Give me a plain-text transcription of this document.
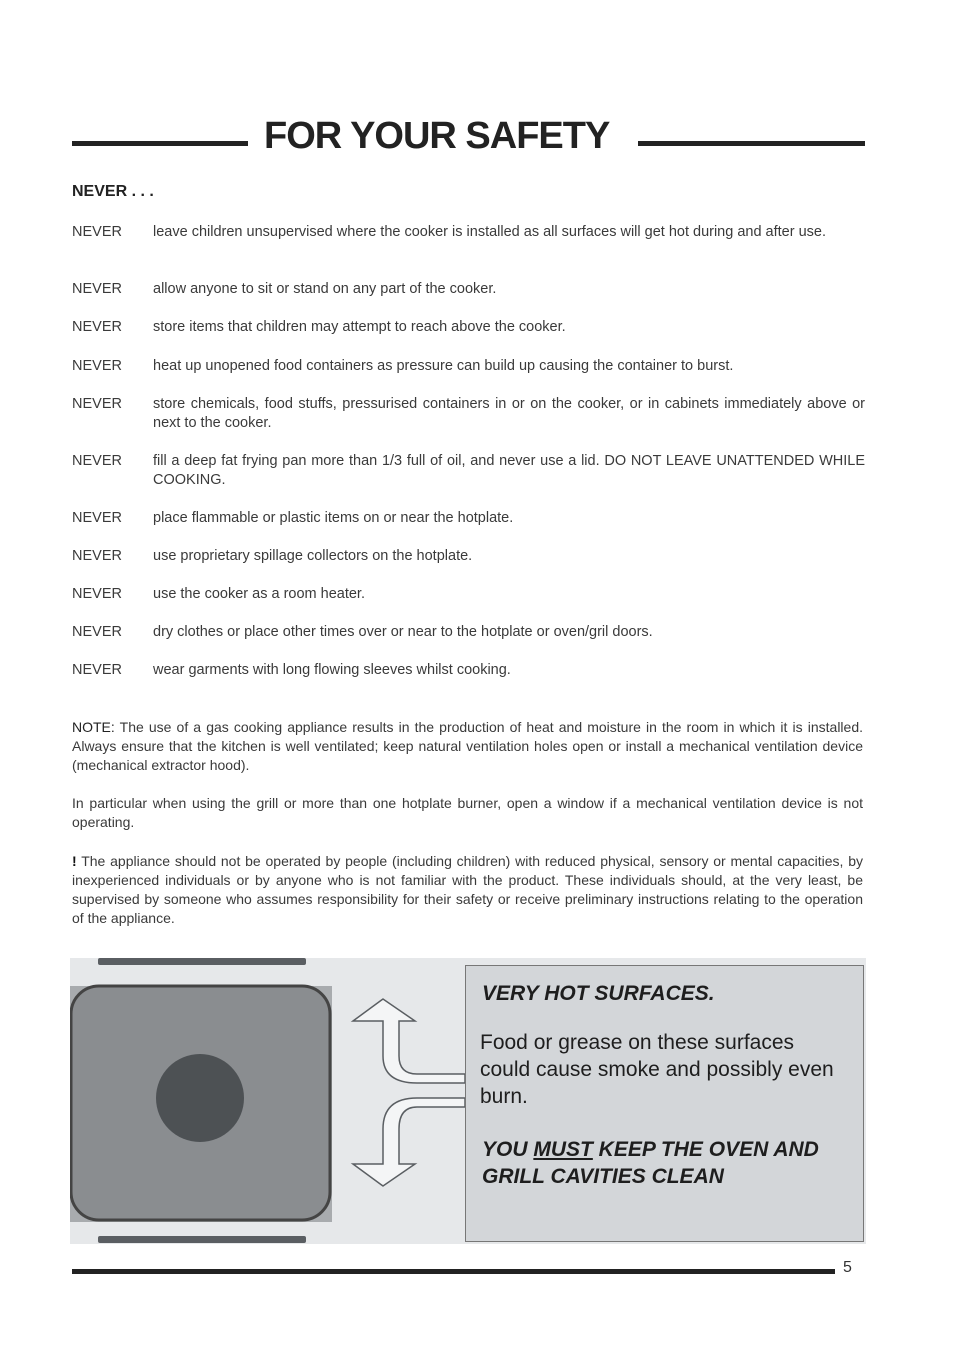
FOR YOUR SAFETY
NEVER . . .
NEVER leave children unsupervised where the cooker is installed as all surfaces will get hot during and after use.
NEVER allow anyone to sit or stand on any part of the cooker.
NEVER store items that children may attempt to reach above the cooker.
NEVER heat up unopened food containers as pressure can build up causing the container to burst.
NEVER store chemicals, food stuffs, pressurised containers in or on the cooker, or in cabinets immediately above or next to the cooker.
NEVER fill a deep fat frying pan more than 1/3 full of oil, and never use a lid. DO NOT LEAVE UNATTENDED WHILE COOKING.
NEVER place flammable or plastic items on or near the hotplate.
NEVER use proprietary spillage collectors on the hotplate.
NEVER use the cooker as a room heater.
NEVER dry clothes or place other times over or near to the hotplate or oven/gril doors.
NEVER wear garments with long flowing sleeves whilst cooking.

NOTE: The use of a gas cooking appliance results in the production of heat and moisture in the room in which it is installed. Always ensure that the kitchen is well ventilated; keep natural ventilation holes open or install a mechanical ventilation device (mechanical extractor hood).

In particular when using the grill or more than one hotplate burner, open a window if a mechanical ventilation device is not operating.

! The appliance should not be operated by people (including children) with reduced physical, sensory or mental capacities, by inexperienced individuals or by anyone who is not familiar with the product. These individuals should, at the very least, be supervised by someone who assumes responsibility for their safety or receive preliminary instructions relating to the operation of the appliance.

VERY HOT SURFACES.

Food or grease on these surfaces could cause smoke and possibly even burn.

YOU MUST KEEP THE OVEN AND GRILL CAVITIES CLEAN

5
